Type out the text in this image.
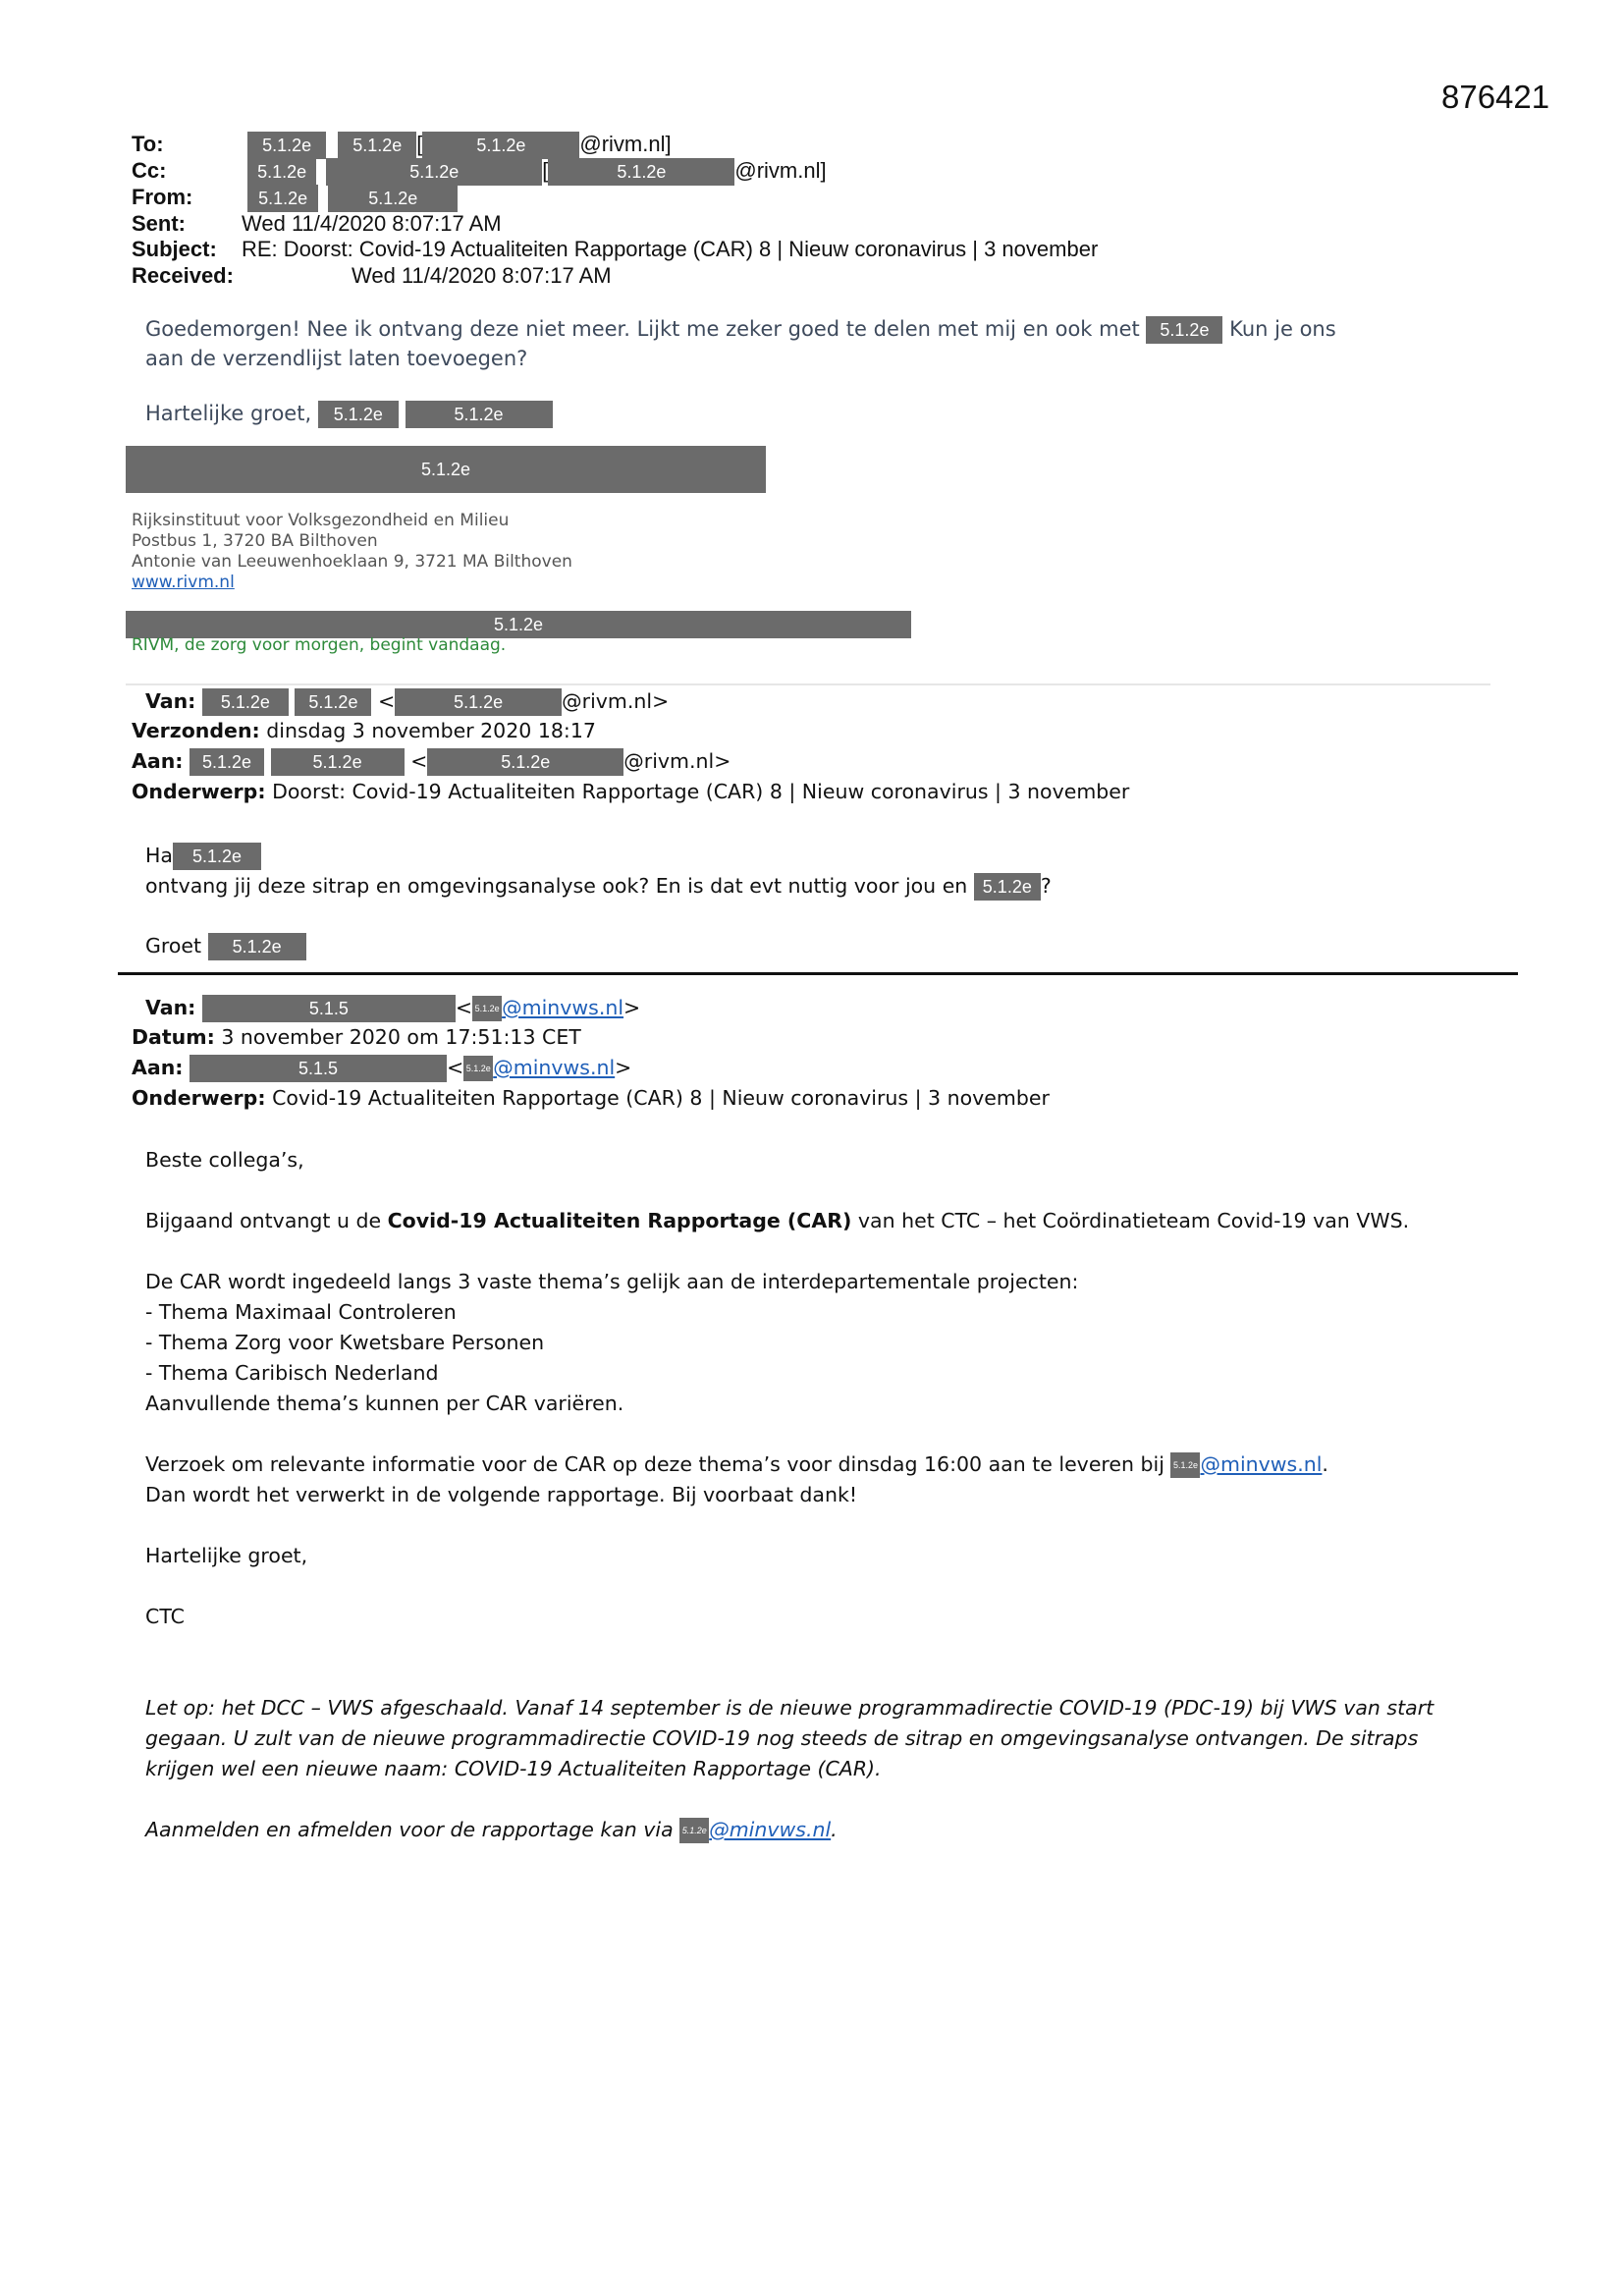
876421
To:	5.1.2e 5.1.2e [	5.1.2e @rivm.nl]
Cc:	5.1.2e	5.1.2e	[	5.1.2e	@rivm.nl]
From:	5.1.2e	5.1.2e
Sent:	Wed 11/4/2020 8:07:17 AM
Subject: RE: Doorst: Covid-19 Actualiteiten Rapportage (CAR) 8 | Nieuw coronavirus | 3 november
Received:	Wed 11/4/2020 8:07:17 AM
Goedemorgen! Nee ik ontvang deze niet meer. Lijkt me zeker goed te delen met mij en ook met 5.1.2e Kun je ons
aan de verzendlijst laten toevoegen?
Hartelijke groet, 5.1.2e	5.1.2e
5.1.2e
Rijksinstituut voor Volksgezondheid en Milieu
Postbus 1, 3720 BA Bilthoven
Antonie van Leeuwenhoeklaan 9, 3721 MA Bilthoven
www.rivm.nl
5.1.2e
RIVM, de zorg voor morgen, begint vandaag.
Van: 5.1.2e 5.1.2e <	5.1.2e	@rivm.nl>
Verzonden: dinsdag 3 november 2020 18:17
Aan: 5.1.2e	5.1.2e <	5.1.2e	@rivm.nl>
Onderwerp: Doorst: Covid-19 Actualiteiten Rapportage (CAR) 8 | Nieuw coronavirus | 3 november
Ha 5.1.2e
ontvang jij deze sitrap en omgevingsanalyse ook? En is dat evt nuttig voor jou en 5.1.2e ?
Groet 5.1.2e
Van:	5.1.5	< 5.1.2e @minvws.nl>
Datum: 3 november 2020 om 17:51:13 CET
Aan:	5.1.5	< 5.1.2e @minvws.nl>
Onderwerp: Covid-19 Actualiteiten Rapportage (CAR) 8 | Nieuw coronavirus | 3 november
Beste collega’s,
Bijgaand ontvangt u de Covid-19 Actualiteiten Rapportage (CAR) van het CTC – het Coördinatieteam Covid-19 van VWS.
De CAR wordt ingedeeld langs 3 vaste thema’s gelijk aan de interdepartementale projecten:
- Thema Maximaal Controleren
- Thema Zorg voor Kwetsbare Personen
- Thema Caribisch Nederland
Aanvullende thema’s kunnen per CAR variëren.
Verzoek om relevante informatie voor de CAR op deze thema’s voor dinsdag 16:00 aan te leveren bij 5.1.2e @minvws.nl.
Dan wordt het verwerkt in de volgende rapportage. Bij voorbaat dank!
Hartelijke groet,
CTC
Let op: het DCC – VWS afgeschaald. Vanaf 14 september is de nieuwe programmadirectie COVID-19 (PDC-19) bij VWS van start
gegaan. U zult van de nieuwe programmadirectie COVID-19 nog steeds de sitrap en omgevingsanalyse ontvangen. De sitraps
krijgen wel een nieuwe naam: COVID-19 Actualiteiten Rapportage (CAR).
Aanmelden en afmelden voor de rapportage kan via 5.1.2e @minvws.nl.
